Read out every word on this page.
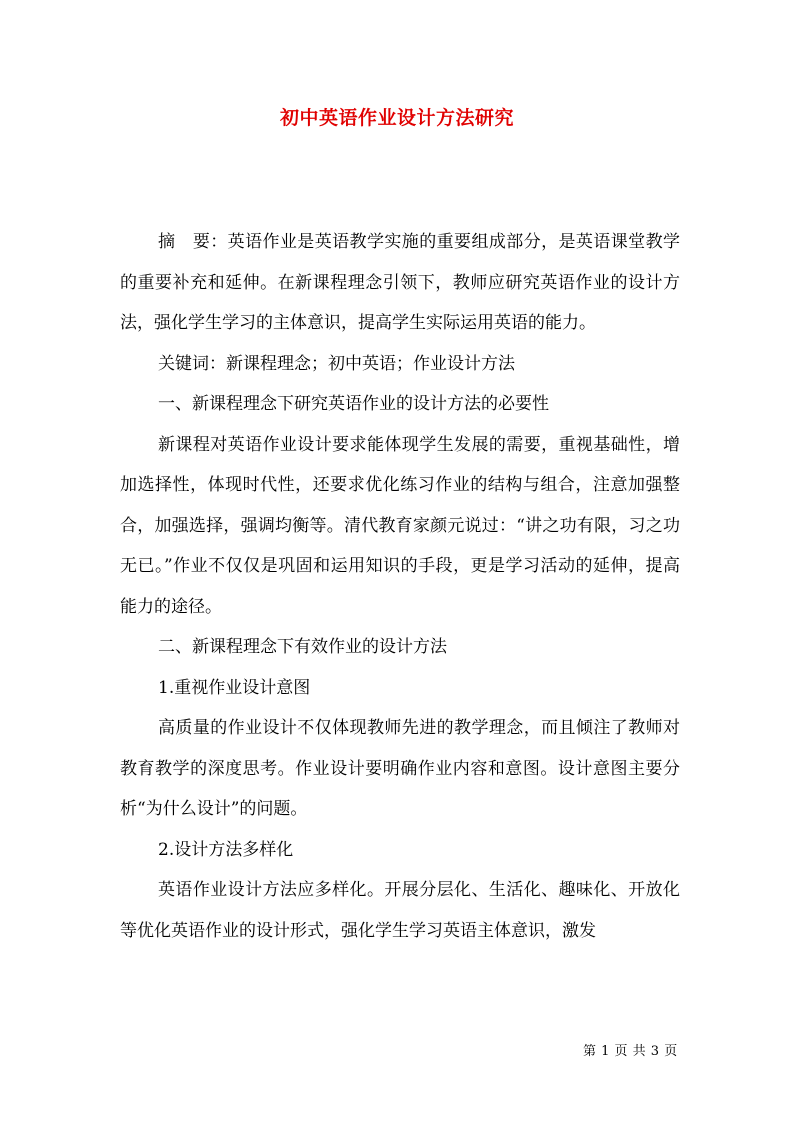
初中英语作业设计方法研究

摘　要：英语作业是英语教学实施的重要组成部分，是英语课堂教学的重要补充和延伸。在新课程理念引领下，教师应研究英语作业的设计方法，强化学生学习的主体意识，提高学生实际运用英语的能力。

关键词：新课程理念；初中英语；作业设计方法

一、新课程理念下研究英语作业的设计方法的必要性

新课程对英语作业设计要求能体现学生发展的需要，重视基础性，增加选择性，体现时代性，还要求优化练习作业的结构与组合，注意加强整合，加强选择，强调均衡等。清代教育家颜元说过：“讲之功有限，习之功无已。”作业不仅仅是巩固和运用知识的手段，更是学习活动的延伸，提高能力的途径。

二、新课程理念下有效作业的设计方法

1.重视作业设计意图

高质量的作业设计不仅体现教师先进的教学理念，而且倾注了教师对教育教学的深度思考。作业设计要明确作业内容和意图。设计意图主要分析“为什么设计”的问题。

2.设计方法多样化

英语作业设计方法应多样化。开展分层化、生活化、趣味化、开放化等优化英语作业的设计形式，强化学生学习英语主体意识，激发

第 1 页 共 3 页
